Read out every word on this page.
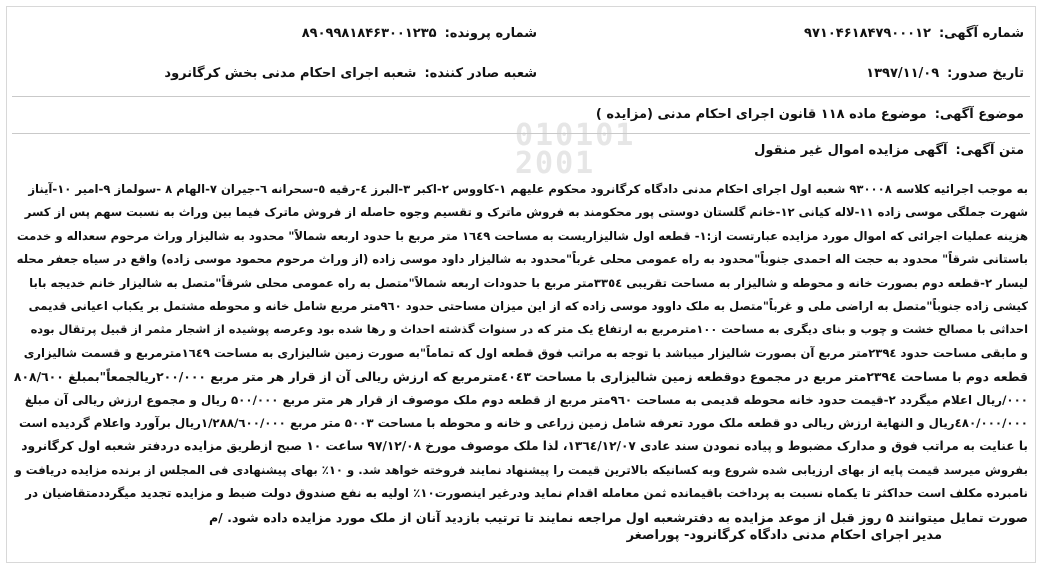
010101
2001
شماره آگهی:۹۷۱۰۴۶۱۸۴۷۹۰۰۰۱۲
شماره پرونده:۸۹۰۹۹۸۱۸۴۶۳۰۰۱۲۳۵
تاریخ صدور:۱۳۹۷/۱۱/۰۹
شعبه صادر کننده:شعبه اجرای احکام مدنی بخش کرگانرود
موضوع آگهی:موضوع ماده ۱۱۸ قانون اجرای احکام مدنی (مزایده )
متن آگهی:آگهی مزایده اموال غیر منقول

به موجب اجرائیه کلاسه ۹۳۰۰۰۸ شعبه اول اجرای احکام مدنی دادگاه کرگانرود محکوم علیهم ۱-کاووس ۲-اکبر ۳-البرز ٤-رقیه ٥-سحرانه ٦-جیران ۷-الهام ۸ -سولماز ۹-امیر ۱۰-آیناز

شهرت جملگی موسی زاده ۱۱-لاله کیانی ۱۲-خانم گلستان دوستی پور محکومند به فروش ماترک و تقسیم وجوه حاصله از فروش ماترک فیما بین وراث به نسبت سهم پس از کسر

هزینه عملیات اجرائی که اموال مورد مزایده عبارتست از:۱- قطعه اول شالیزاریست به مساحت ۱٦٤۹ متر مربع با حدود اربعه شمالاً" محدود به شالیزار وراث مرحوم سعداله و خدمت

باستانی شرقاً" محدود به حجت اله احمدی جنوباً"محدود به راه عمومی محلی غرباً"محدود به شالیزار داود موسی زاده (از وراث مرحوم محمود موسی زاده) واقع در سیاه جعفر محله

لیسار ۲-قطعه دوم بصورت خانه و محوطه و شالیزار به مساحت تقریبی ۳۳٥٤متر مربع با حدودات اربعه شمالاً"متصل به راه عمومی محلی شرقاً"متصل به شالیزار خانم خدیجه بابا

کیشی زاده جنوباً"متصل به اراضی ملی و غرباً"متصل به ملک داوود موسی زاده که از این میزان مساحتی حدود ۹٦۰متر مربع شامل خانه و محوطه مشتمل بر یکباب اعیانی قدیمی

احداثی با مصالح خشت و چوب و بنای دیگری به مساحت ۱۰۰مترمربع به ارتفاع یک متر که در سنوات گذشته احداث و رها شده بود وعرصه پوشیده از اشجار مثمر از قبیل پرتقال بوده

و مابقی مساحت حدود ۲۳۹٤متر مربع آن بصورت شالیزار میباشد با توجه به مراتب فوق قطعه اول که تماماً"به صورت زمین شالیزاری به مساحت ۱٦٤۹مترمربع و قسمت شالیزاری

قطعه دوم با مساحت ۲۳۹٤متر مربع در مجموع دوقطعه زمین شالیزاری با مساحت ٤۰٤۳مترمربع که ارزش ریالی آن از قرار هر متر مربع ۲۰۰/۰۰۰ریالجمعاً"بمبلغ ۸۰۸/٦۰۰

۰۰۰/ریال اعلام میگردد ۲-قیمت حدود خانه محوطه قدیمی به مساحت ۹٦۰متر مربع از قطعه دوم ملک موصوف از قرار هر متر مربع ۵۰۰/۰۰۰ ریال و مجموع ارزش ریالی آن مبلغ

٤۸۰/۰۰۰/۰۰۰ریال و النهایة ارزش ریالی دو قطعه ملک مورد تعرفه شامل زمین زراعی و خانه و محوطه با مساحت ۵۰۰۳ متر مربع ۱/۲۸۸/٦۰۰/۰۰۰ریال برآورد واعلام گردیده است

با عنایت به مراتب فوق و مدارک مضبوط و پیاده نمودن سند عادی ۱۳٦٤/۱۲/۰۷، لذا ملک موصوف مورخ ۹۷/۱۲/۰۸ ساعت ۱۰ صبح ازطریق مزایده دردفتر شعبه اول کرگانرود

بفروش میرسد قیمت پایه از بهای ارزیابی شده شروع وبه کسانیکه بالاترین قیمت را پیشنهاد نمایند فروخته خواهد شد. و ۱۰٪ بهای پیشنهادی فی المجلس از برنده مزایده دریافت و

نامبرده مکلف است حداکثر تا یکماه نسبت به پرداخت باقیمانده ثمن معامله اقدام نماید ودرغیر اینصورت۱۰٪ اولیه به نفع صندوق دولت ضبط و مزایده تجدید میگرددمتقاضیان در

صورت تمایل میتوانند ۵ روز قبل از موعد مزایده به دفترشعبه اول مراجعه نمایند تا ترتیب بازدید آنان از ملک مورد مزایده داده شود. /م

مدیر اجرای احکام مدنی دادگاه کرگانرود- پوراصغر
